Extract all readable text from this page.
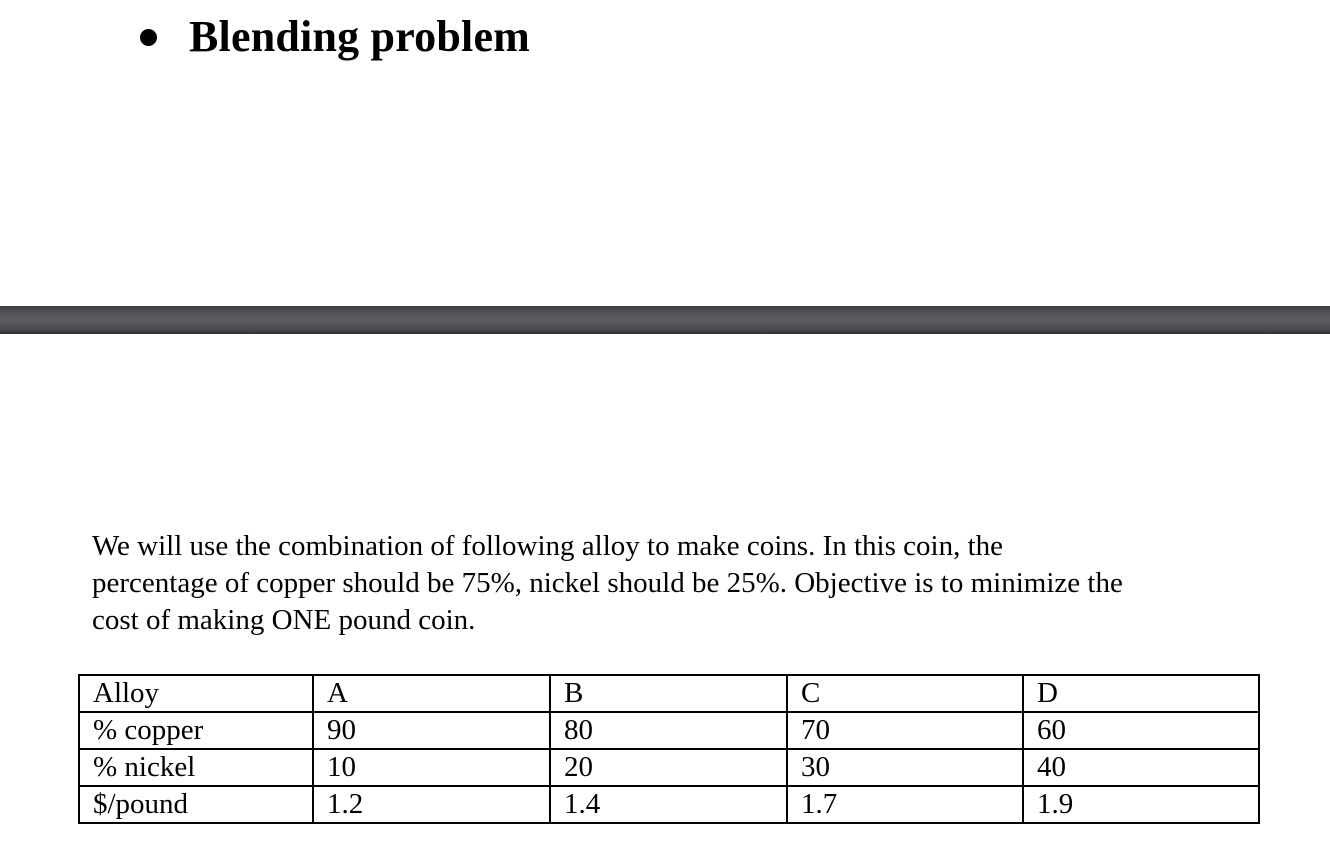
Blending problem

We will use the combination of following alloy to make coins. In this coin, the
percentage of copper should be 75%, nickel should be 25%. Objective is to minimize the
cost of making ONE pound coin.

Alloy	A	B	C	D
% copper	90	80	70	60
% nickel	10	20	30	40
$/pound	1.2	1.4	1.7	1.9
